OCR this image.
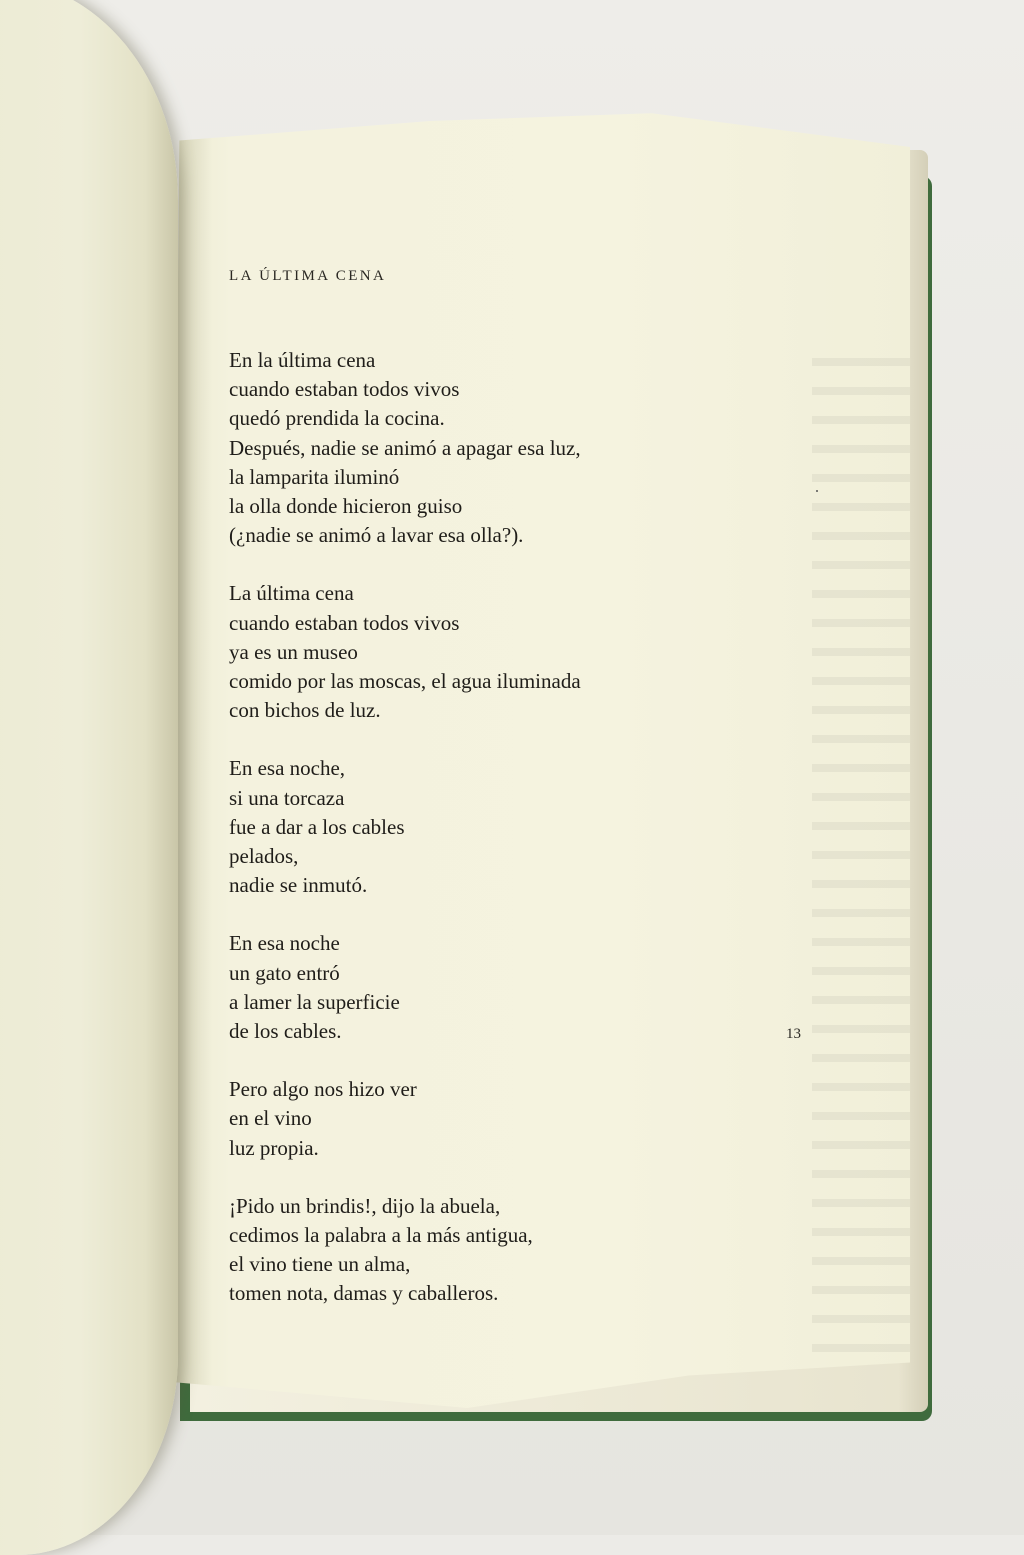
LA ÚLTIMA CENA

En la última cena
cuando estaban todos vivos
quedó prendida la cocina.
Después, nadie se animó a apagar esa luz,
la lamparita iluminó
la olla donde hicieron guiso
(¿nadie se animó a lavar esa olla?).

La última cena
cuando estaban todos vivos
ya es un museo
comido por las moscas, el agua iluminada
con bichos de luz.

En esa noche,
si una torcaza
fue a dar a los cables
pelados,
nadie se inmutó.

En esa noche
un gato entró
a lamer la superficie
de los cables.

Pero algo nos hizo ver
en el vino
luz propia.

¡Pido un brindis!, dijo la abuela,
cedimos la palabra a la más antigua,
el vino tiene un alma,
tomen nota, damas y caballeros.

13
